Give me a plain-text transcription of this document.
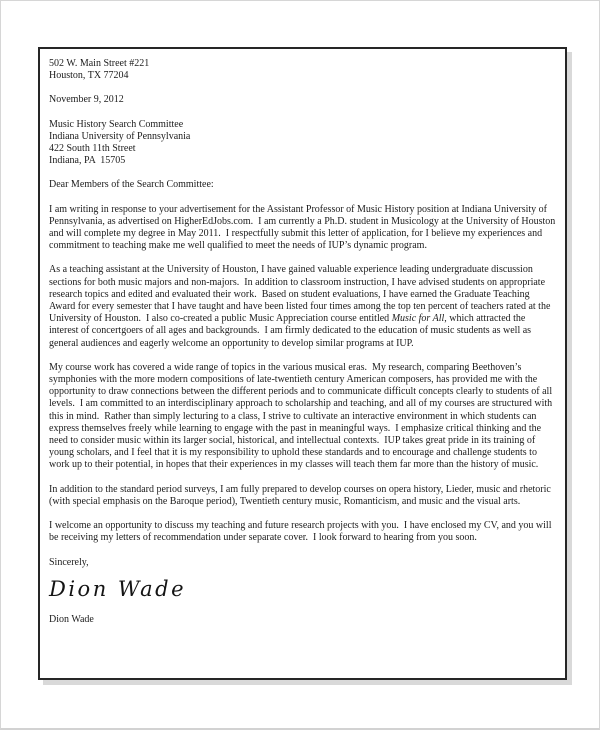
502 W. Main Street #221
Houston, TX 77204
November 9, 2012
Music History Search Committee
Indiana University of Pennsylvania
422 South 11th Street
Indiana, PA  15705
Dear Members of the Search Committee:

I am writing in response to your advertisement for the Assistant Professor of Music History position at Indiana University of Pennsylvania, as advertised on HigherEdJobs.com.  I am currently a Ph.D. student in Musicology at the University of Houston and will complete my degree in May 2011.  I respectfully submit this letter of application, for I believe my experiences and commitment to teaching make me well qualified to meet the needs of IUP’s dynamic program.

As a teaching assistant at the University of Houston, I have gained valuable experience leading undergraduate discussion sections for both music majors and non-majors.  In addition to classroom instruction, I have advised students on appropriate research topics and edited and evaluated their work.  Based on student evaluations, I have earned the Graduate Teaching Award for every semester that I have taught and have been listed four times among the top ten percent of teachers rated at the University of Houston.  I also co-created a public Music Appreciation course entitled Music for All, which attracted the interest of concertgoers of all ages and backgrounds.  I am firmly dedicated to the education of music students as well as general audiences and eagerly welcome an opportunity to develop similar programs at IUP.

My course work has covered a wide range of topics in the various musical eras.  My research, comparing Beethoven’s symphonies with the more modern compositions of late-twentieth century American composers, has provided me with the opportunity to draw connections between the different periods and to communicate difficult concepts clearly to students of all levels.  I am committed to an interdisciplinary approach to scholarship and teaching, and all of my courses are structured with this in mind.  Rather than simply lecturing to a class, I strive to cultivate an interactive environment in which students can express themselves freely while learning to engage with the past in meaningful ways.  I emphasize critical thinking and the need to consider music within its larger social, historical, and intellectual contexts.  IUP takes great pride in its training of young scholars, and I feel that it is my responsibility to uphold these standards and to encourage and challenge students to work up to their potential, in hopes that their experiences in my classes will teach them far more than the history of music.

In addition to the standard period surveys, I am fully prepared to develop courses on opera history, Lieder, music and rhetoric (with special emphasis on the Baroque period), Twentieth century music, Romanticism, and music and the visual arts.

I welcome an opportunity to discuss my teaching and future research projects with you.  I have enclosed my CV, and you will be receiving my letters of recommendation under separate cover.  I look forward to hearing from you soon.

Sincerely,
Dion Wade
Dion Wade
